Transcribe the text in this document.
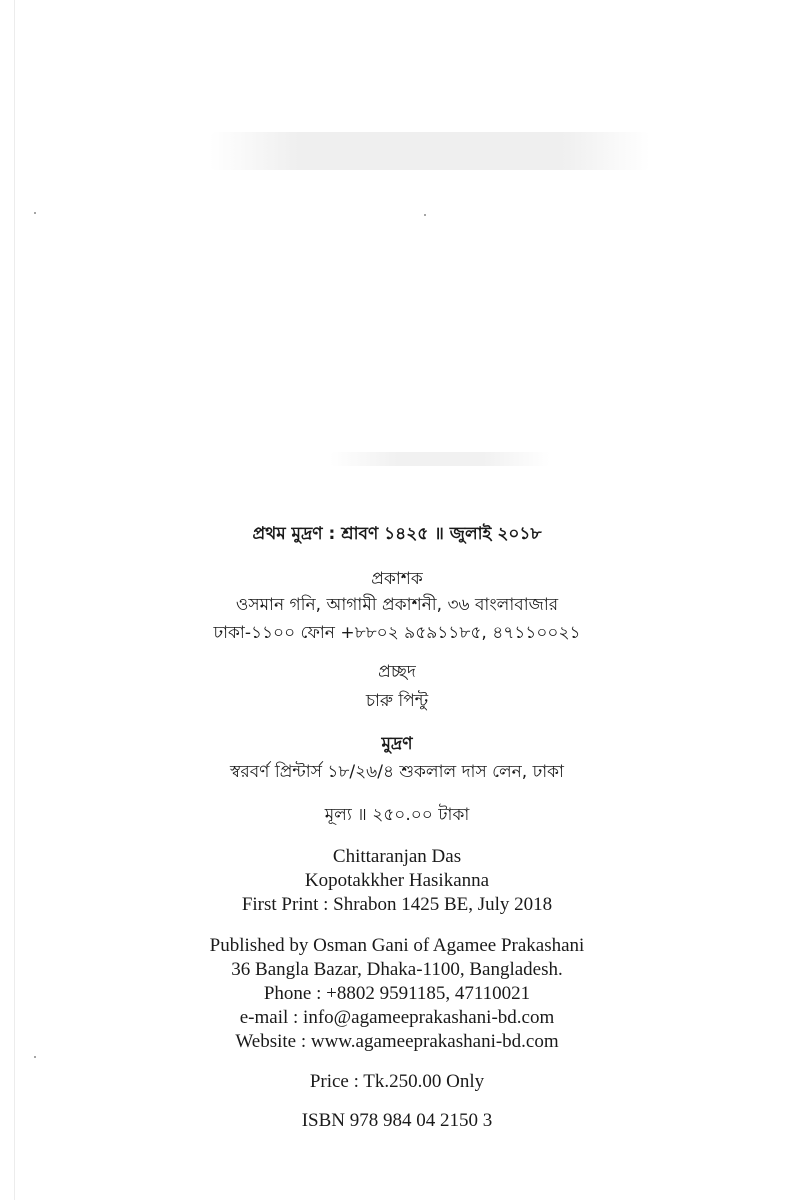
প্রথম মুদ্রণ : শ্রাবণ ১৪২৫ ॥ জুলাই ২০১৮
প্রকাশক
ওসমান গনি, আগামী প্রকাশনী, ৩৬ বাংলাবাজার
ঢাকা-১১০০ ফোন +৮৮০২ ৯৫৯১১৮৫, ৪৭১১০০২১
প্রচ্ছদ
চারু পিন্টু
মুদ্রণ
স্বরবর্ণ প্রিন্টার্স ১৮/২৬/৪ শুকলাল দাস লেন, ঢাকা
মূল্য ॥ ২৫০.০০ টাকা
Chittaranjan Das
Kopotakkher Hasikanna
First Print : Shrabon 1425 BE, July 2018
Published by Osman Gani of Agamee Prakashani
36 Bangla Bazar, Dhaka-1100, Bangladesh.
Phone : +8802 9591185, 47110021
e-mail : info@agameeprakashani-bd.com
Website : www.agameeprakashani-bd.com
Price : Tk.250.00 Only
ISBN 978 984 04 2150 3
